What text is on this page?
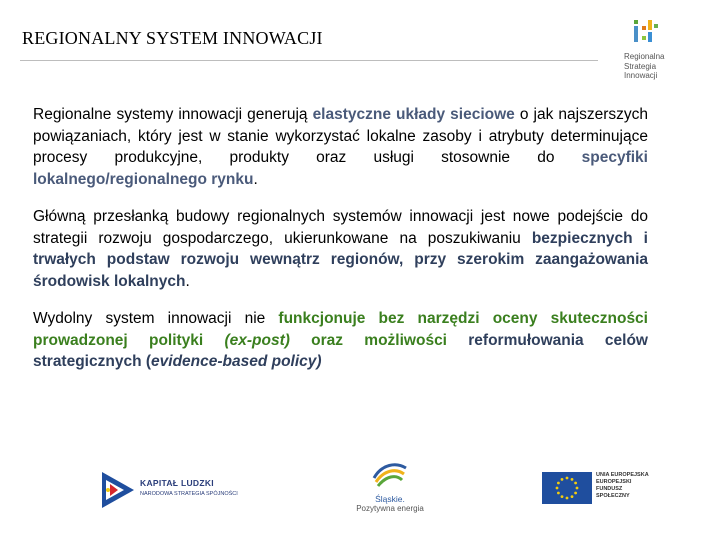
REGIONALNY SYSTEM INNOWACJI
Regionalna
Strategia
Innowacji

Regionalne systemy innowacji generują elastyczne układy sieciowe o jak najszerszych powiązaniach, który jest w stanie wykorzystać lokalne zasoby i atrybuty determinujące procesy produkcyjne, produkty oraz usługi stosownie do specyfiki lokalnego/regionalnego rynku.

Główną przesłanką budowy regionalnych systemów innowacji jest nowe podejście do strategii rozwoju gospodarczego, ukierunkowane na poszukiwaniu bezpiecznych i trwałych podstaw rozwoju wewnątrz regionów, przy szerokim zaangażowania środowisk lokalnych.

Wydolny system innowacji nie funkcjonuje bez narzędzi oceny skuteczności prowadzonej polityki (ex-post) oraz możliwości reformułowania celów strategicznych (evidence-based policy)

KAPITAŁ LUDZKI
NARODOWA STRATEGIA SPÓJNOŚCI	Śląskie.
Pozytywna energia
UNIA EUROPEJSKA
EUROPEJSKI
FUNDUSZ SPOŁECZNY
